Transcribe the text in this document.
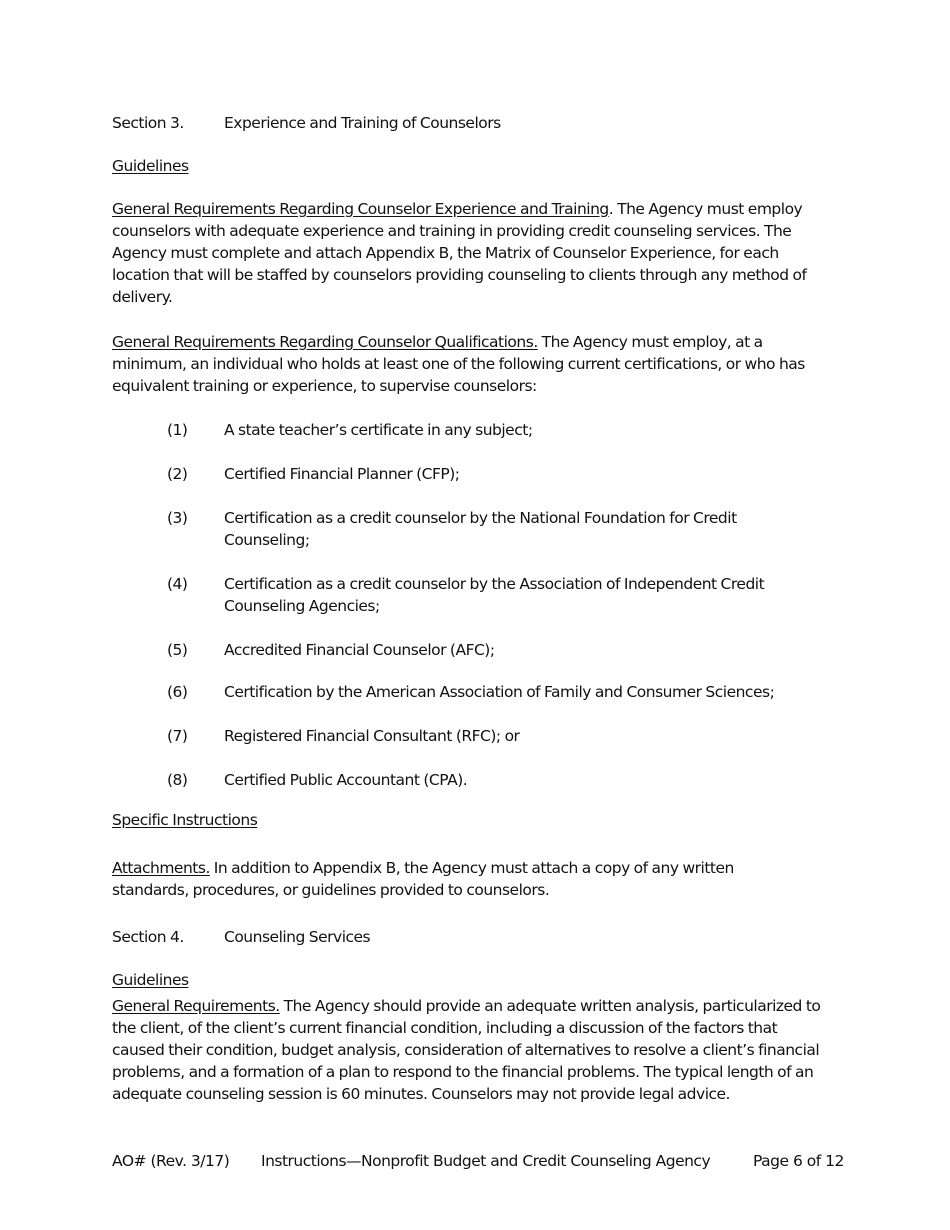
Section 3.	Experience and Training of Counselors
Guidelines
General Requirements Regarding Counselor Experience and Training. The Agency must employ counselors with adequate experience and training in providing credit counseling services. The Agency must complete and attach Appendix B, the Matrix of Counselor Experience, for each location that will be staffed by counselors providing counseling to clients through any method of delivery.
General Requirements Regarding Counselor Qualifications. The Agency must employ, at a minimum, an individual who holds at least one of the following current certifications, or who has equivalent training or experience, to supervise counselors:
(1) A state teacher’s certificate in any subject;
(2) Certified Financial Planner (CFP);
(3) Certification as a credit counselor by the National Foundation for Credit Counseling;
(4) Certification as a credit counselor by the Association of Independent Credit Counseling Agencies;
(5) Accredited Financial Counselor (AFC);
(6) Certification by the American Association of Family and Consumer Sciences;
(7) Registered Financial Consultant (RFC); or
(8) Certified Public Accountant (CPA).
Specific Instructions
Attachments. In addition to Appendix B, the Agency must attach a copy of any written standards, procedures, or guidelines provided to counselors.
Section 4.	Counseling Services
Guidelines
General Requirements. The Agency should provide an adequate written analysis, particularized to the client, of the client’s current financial condition, including a discussion of the factors that caused their condition, budget analysis, consideration of alternatives to resolve a client’s financial problems, and a formation of a plan to respond to the financial problems. The typical length of an adequate counseling session is 60 minutes. Counselors may not provide legal advice.
AO# (Rev. 3/17) Instructions—Nonprofit Budget and Credit Counseling Agency	Page 6 of 12
